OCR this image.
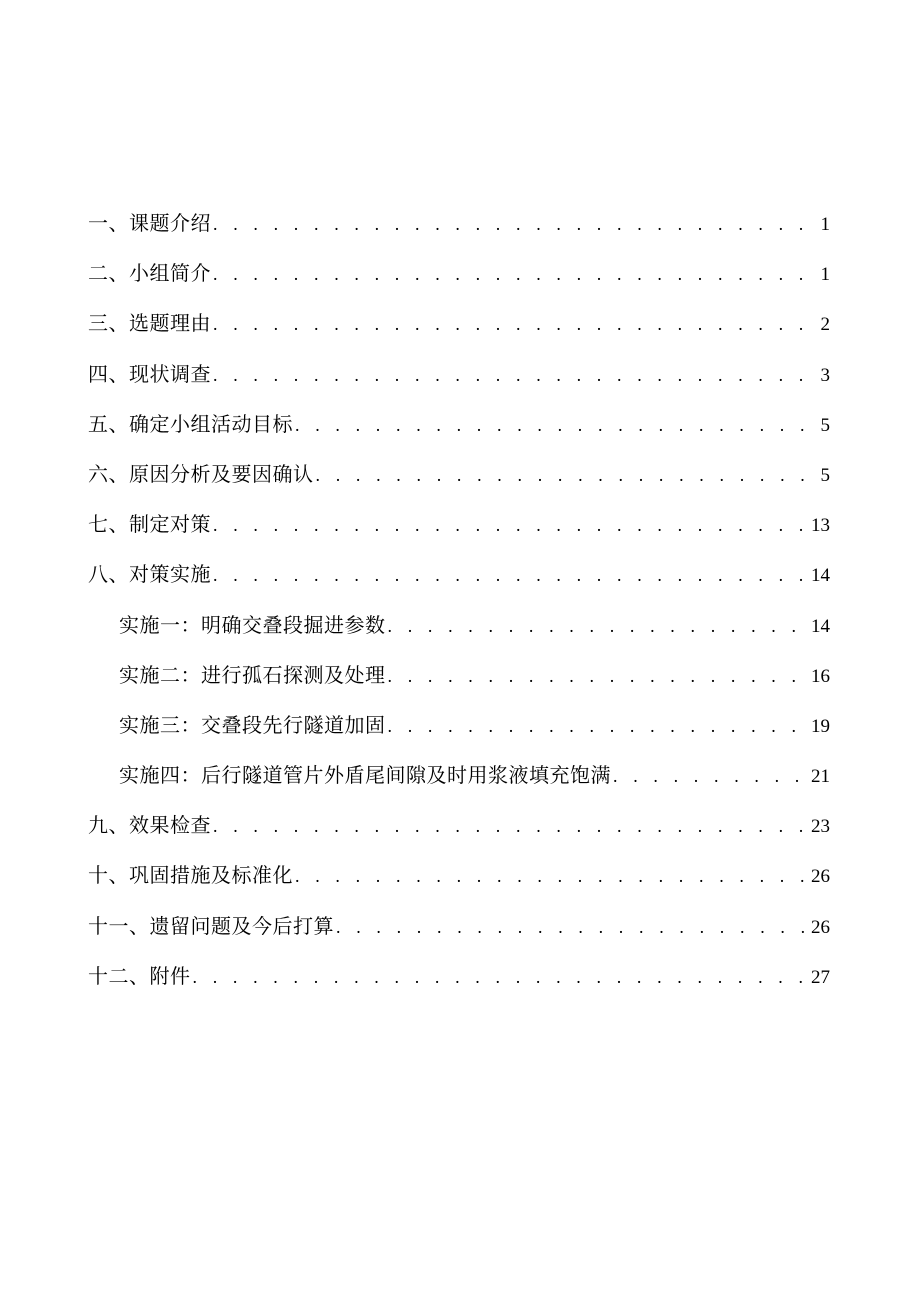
一、课题介绍 . . .	1
二、小组简介 . . .	1
三、选题理由 . . .	2
四、现状调查 . . .	3
五、确定小组活动目标 . . .	5
六、原因分析及要因确认 . . .	5
七、制定对策 . . .	13
八、对策实施 . . .	14
实施一：明确交叠段掘进参数 . . .	14
实施二：进行孤石探测及处理 . . .	16
实施三：交叠段先行隧道加固 . . .	19
实施四：后行隧道管片外盾尾间隙及时用浆液填充饱满 . . .	21
九、效果检查 . . .	23
十、巩固措施及标准化 . . .	26
十一、遗留问题及今后打算 . . .	26
十二、附件 . . .	27
